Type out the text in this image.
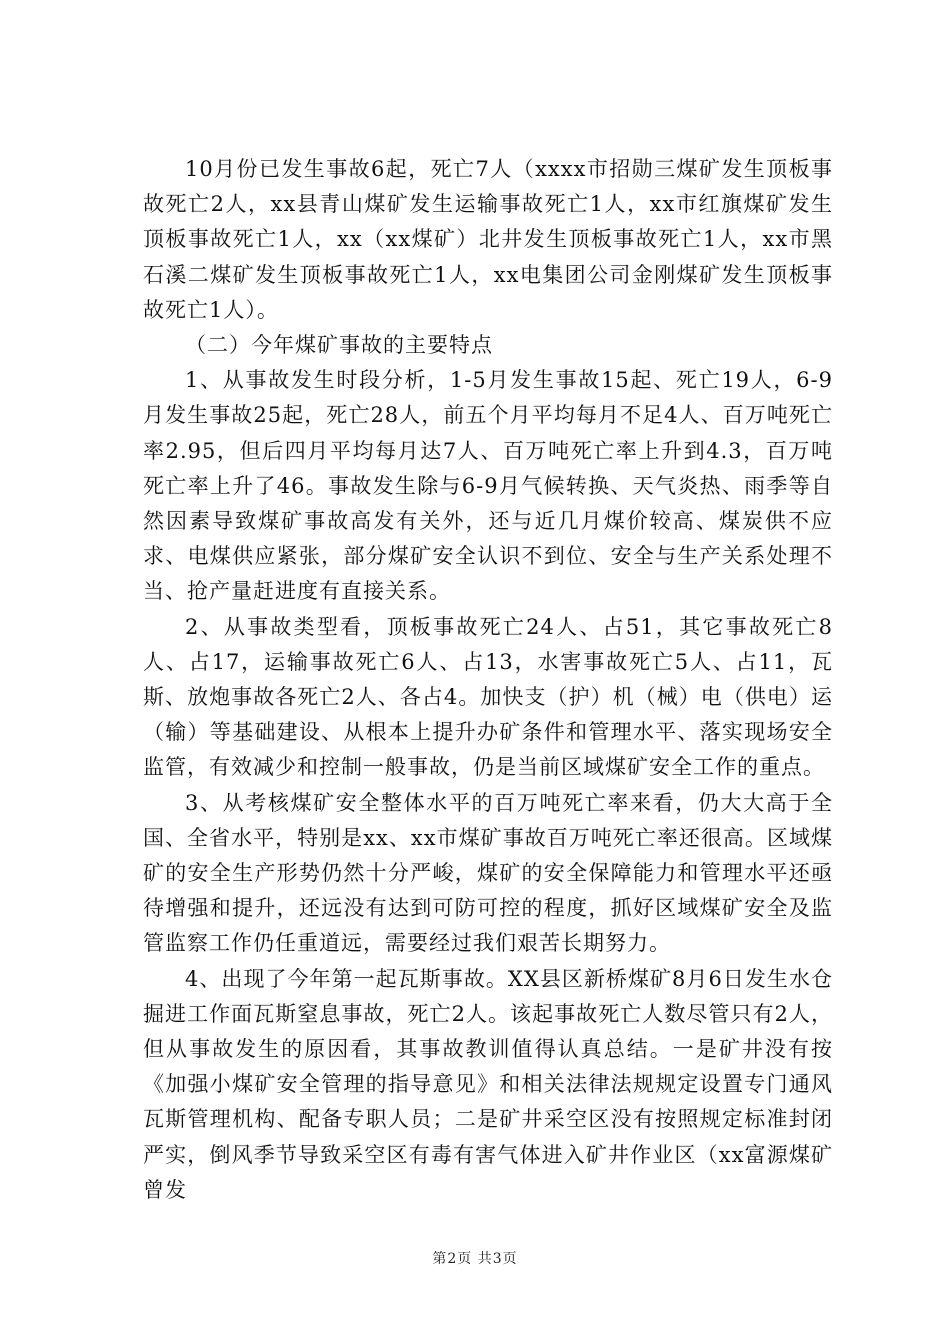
10月份已发生事故6起，死亡7人（xxxx市招勋三煤矿发生顶板事故死亡2人，xx县青山煤矿发生运输事故死亡1人，xx市红旗煤矿发生顶板事故死亡1人，xx（xx煤矿）北井发生顶板事故死亡1人，xx市黑石溪二煤矿发生顶板事故死亡1人，xx电集团公司金刚煤矿发生顶板事故死亡1人）。

（二）今年煤矿事故的主要特点

1、从事故发生时段分析，1-5月发生事故15起、死亡19人，6-9月发生事故25起，死亡28人，前五个月平均每月不足4人、百万吨死亡率2.95，但后四月平均每月达7人、百万吨死亡率上升到4.3，百万吨死亡率上升了46。事故发生除与6-9月气候转换、天气炎热、雨季等自然因素导致煤矿事故高发有关外，还与近几月煤价较高、煤炭供不应求、电煤供应紧张，部分煤矿安全认识不到位、安全与生产关系处理不当、抢产量赶进度有直接关系。

2、从事故类型看，顶板事故死亡24人、占51，其它事故死亡8人、占17，运输事故死亡6人、占13，水害事故死亡5人、占11，瓦斯、放炮事故各死亡2人、各占4。加快支（护）机（械）电（供电）运（输）等基础建设、从根本上提升办矿条件和管理水平、落实现场安全监管，有效减少和控制一般事故，仍是当前区域煤矿安全工作的重点。

3、从考核煤矿安全整体水平的百万吨死亡率来看，仍大大高于全国、全省水平，特别是xx、xx市煤矿事故百万吨死亡率还很高。区域煤矿的安全生产形势仍然十分严峻，煤矿的安全保障能力和管理水平还亟待增强和提升，还远没有达到可防可控的程度，抓好区域煤矿安全及监管监察工作仍任重道远，需要经过我们艰苦长期努力。

4、出现了今年第一起瓦斯事故。XX县区新桥煤矿8月6日发生水仓掘进工作面瓦斯窒息事故，死亡2人。该起事故死亡人数尽管只有2人，但从事故发生的原因看，其事故教训值得认真总结。一是矿井没有按《加强小煤矿安全管理的指导意见》和相关法律法规规定设置专门通风瓦斯管理机构、配备专职人员；二是矿井采空区没有按照规定标准封闭严实，倒风季节导致采空区有毒有害气体进入矿井作业区（xx富源煤矿曾发

第2页 共3页
